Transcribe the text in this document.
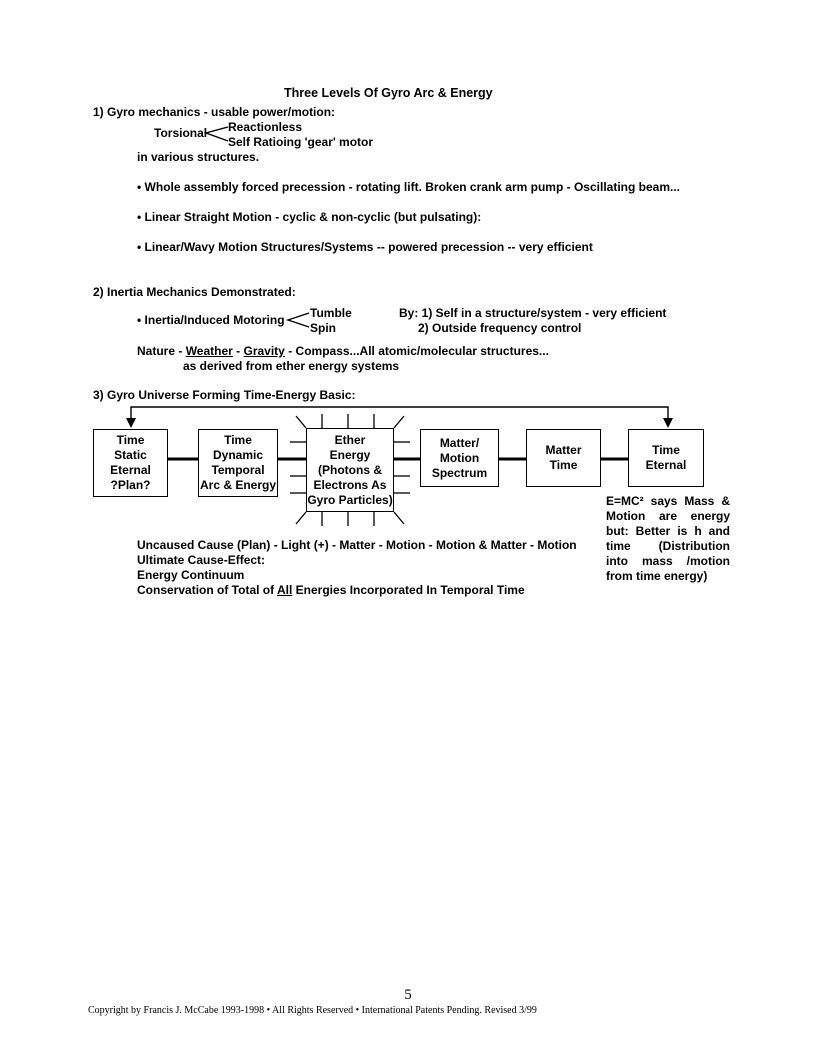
Three Levels Of Gyro Arc & Energy
1) Gyro mechanics - usable power/motion:
Torsional Reactionless
Self Ratioing 'gear' motor
in various structures.
• Whole assembly forced precession - rotating lift. Broken crank arm pump - Oscillating beam...
• Linear Straight Motion - cyclic & non-cyclic (but pulsating):
• Linear/Wavy Motion Structures/Systems -- powered precession -- very efficient
2) Inertia Mechanics Demonstrated:
• Inertia/Induced Motoring Tumble
Spin
By: 1) Self in a structure/system - very efficient
2) Outside frequency control
Nature - Weather - Gravity - Compass...All atomic/molecular structures...
as derived from ether energy systems
3) Gyro Universe Forming Time-Energy Basic:
Time
Static
Eternal
?Plan?
Time
Dynamic
Temporal
Arc & Energy
Ether
Energy
(Photons &
Electrons As
Gyro Particles)
Matter/
Motion
Spectrum
Matter
Time
Time
Eternal
E=MC² says Mass & Motion are energy but: Better is h and time (Distribution into mass /motion from time energy)
Uncaused Cause (Plan) - Light (+) - Matter - Motion - Motion & Matter - Motion
Ultimate Cause-Effect:
Energy Continuum
Conservation of Total of All Energies Incorporated In Temporal Time
5
Copyright by Francis J. McCabe 1993-1998 • All Rights Reserved • International Patents Pending. Revised 3/99
